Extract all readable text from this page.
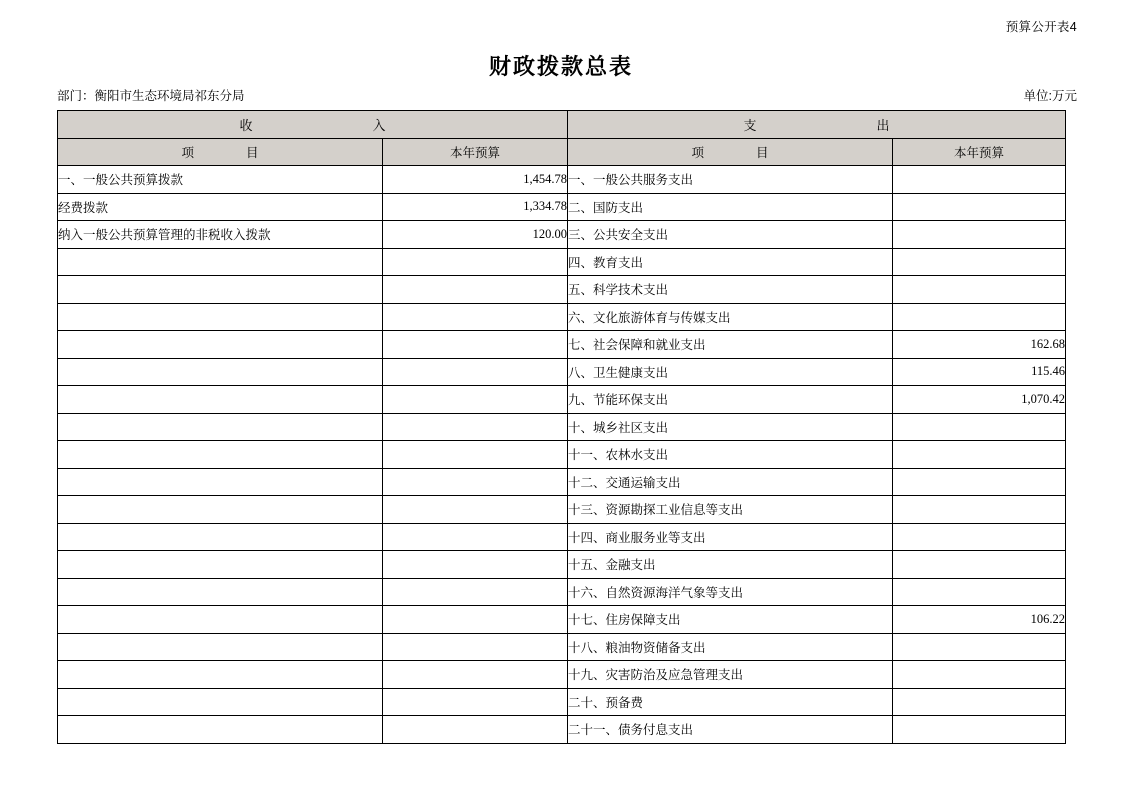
预算公开表4
财政拨款总表
部门：衡阳市生态环境局祁东分局	单位:万元
收 入		支 出	
项 目	本年预算	项 目	本年预算
一、一般公共预算拨款	1,454.78	一、一般公共服务支出	
经费拨款	1,334.78	二、国防支出	
纳入一般公共预算管理的非税收入拨款	120.00	三、公共安全支出	
		四、教育支出	
		五、科学技术支出	
		六、文化旅游体育与传媒支出	
		七、社会保障和就业支出	162.68
		八、卫生健康支出	115.46
		九、节能环保支出	1,070.42
		十、城乡社区支出	
		十一、农林水支出	
		十二、交通运输支出	
		十三、资源勘探工业信息等支出	
		十四、商业服务业等支出	
		十五、金融支出	
		十六、自然资源海洋气象等支出	
		十七、住房保障支出	106.22
		十八、粮油物资储备支出	
		十九、灾害防治及应急管理支出	
		二十、预备费	
		二十一、债务付息支出	
